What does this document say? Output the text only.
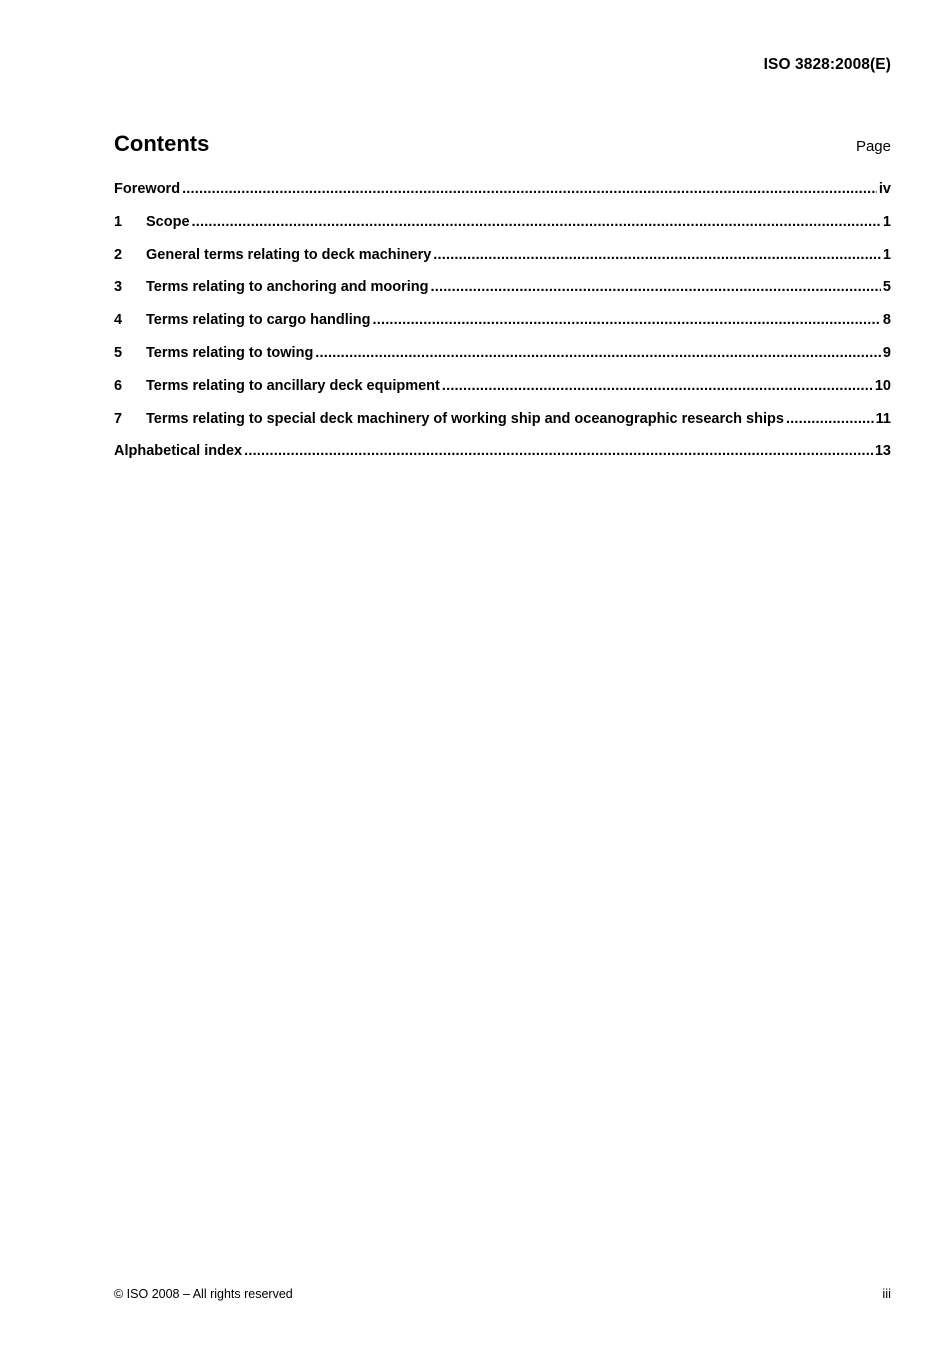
ISO 3828:2008(E)
Contents	Page
Foreword .....	iv
1	Scope .....	1
2	General terms relating to deck machinery .....	1
3	Terms relating to anchoring and mooring .....	5
4	Terms relating to cargo handling .....	8
5	Terms relating to towing .....	9
6	Terms relating to ancillary deck equipment .....	10
7	Terms relating to special deck machinery of working ship and oceanographic research ships .....	11
Alphabetical index .....	13
© ISO 2008 – All rights reserved	iii
